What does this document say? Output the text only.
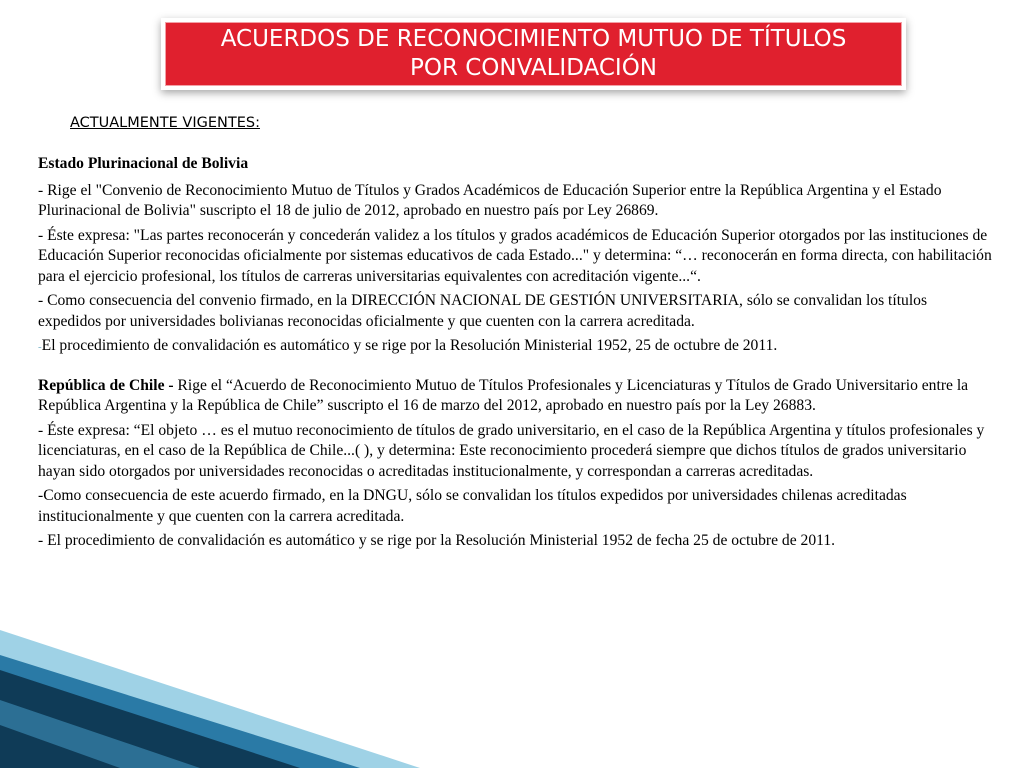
ACUERDOS DE RECONOCIMIENTO MUTUO DE TÍTULOS
POR CONVALIDACIÓN
ACTUALMENTE VIGENTES:

Estado Plurinacional de Bolivia

- Rige el "Convenio de Reconocimiento Mutuo de Títulos y Grados Académicos de Educación Superior entre la República Argentina y el Estado Plurinacional de Bolivia" suscripto el 18 de julio de 2012, aprobado en nuestro país por Ley 26869.

- Éste expresa: "Las partes reconocerán y concederán validez a los títulos y grados académicos de Educación Superior otorgados por las instituciones de Educación Superior reconocidas oficialmente por sistemas educativos de cada Estado..." y determina: “… reconocerán en forma directa, con habilitación para el ejercicio profesional, los títulos de carreras universitarias equivalentes con acreditación vigente...“.

- Como consecuencia del convenio firmado, en la DIRECCIÓN NACIONAL DE GESTIÓN UNIVERSITARIA, sólo se convalidan los títulos expedidos por universidades bolivianas reconocidas oficialmente y que cuenten con la carrera acreditada.

-El procedimiento de convalidación es automático y se rige por la Resolución Ministerial 1952, 25 de octubre de 2011.

República de Chile - Rige el “Acuerdo de Reconocimiento Mutuo de Títulos Profesionales y Licenciaturas y Títulos de Grado Universitario entre la República Argentina y la República de Chile” suscripto el 16 de marzo del 2012, aprobado en nuestro país por la Ley 26883.

- Éste expresa: “El objeto … es el mutuo reconocimiento de títulos de grado universitario, en el caso de la República Argentina y títulos profesionales y licenciaturas, en el caso de la República de Chile...( ), y determina: Este reconocimiento procederá siempre que dichos títulos de grados universitario hayan sido otorgados por universidades reconocidas o acreditadas institucionalmente, y correspondan a carreras acreditadas.

-Como consecuencia de este acuerdo firmado, en la DNGU, sólo se convalidan los títulos expedidos por universidades chilenas acreditadas institucionalmente y que cuenten con la carrera acreditada.

- El procedimiento de convalidación es automático y se rige por la Resolución Ministerial 1952 de fecha 25 de octubre de 2011.
